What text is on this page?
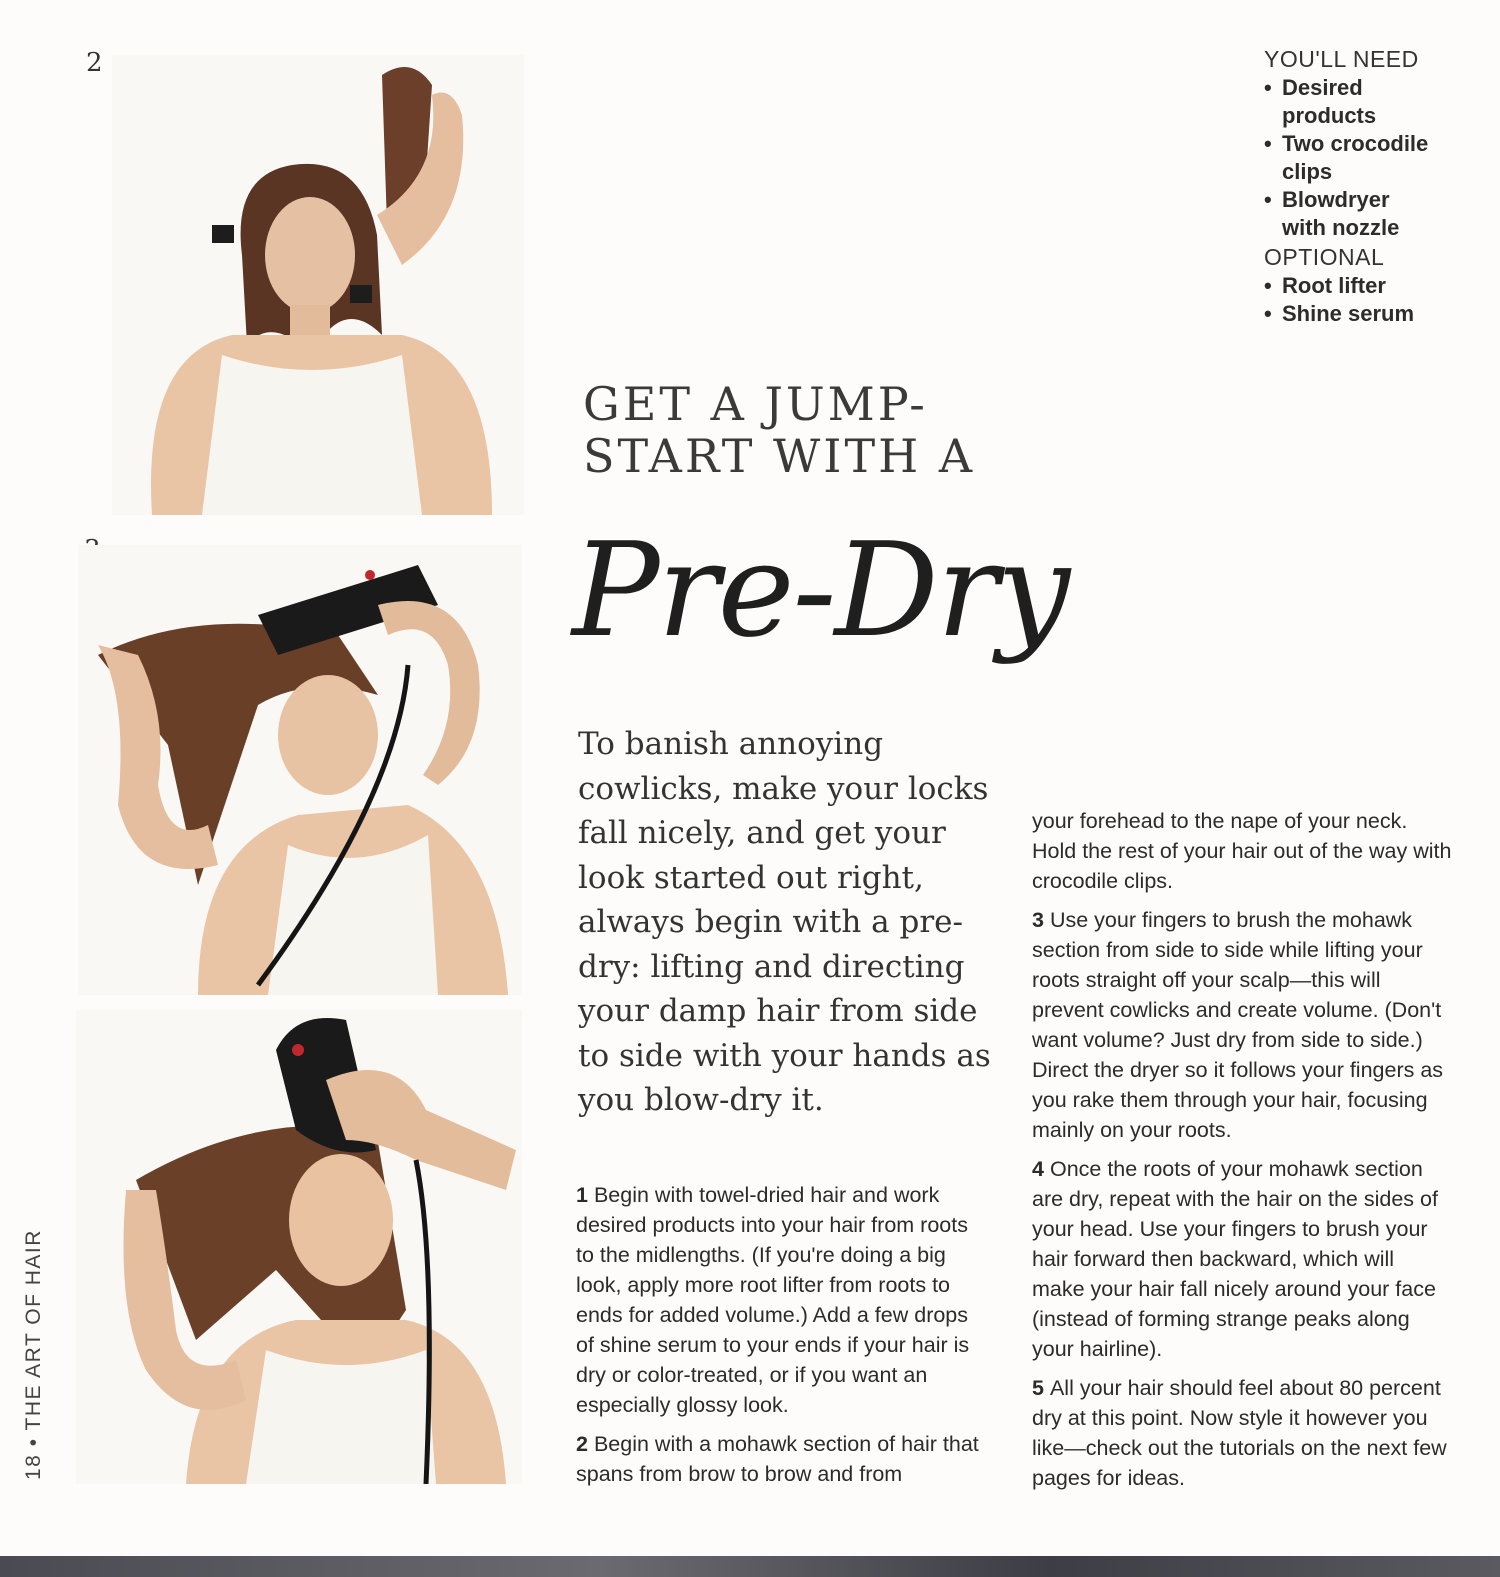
2	YOU'LL NEED
• Desired products
• Two crocodile clips
• Blowdryer with nozzle
OPTIONAL
• Root lifter
• Shine serum
GET A JUMP-
START WITH A
Pre-Dry
To banish annoying cowlicks, make your locks fall nicely, and get your look started out right, always begin with a pre-dry: lifting and directing your damp hair from side to side with your hands as you blow-dry it.

1 Begin with towel-dried hair and work desired products into your hair from roots to the midlengths. (If you're doing a big look, apply more root lifter from roots to ends for added volume.) Add a few drops of shine serum to your ends if your hair is dry or color-treated, or if you want an especially glossy look.

2 Begin with a mohawk section of hair that spans from brow to brow and from

your forehead to the nape of your neck. Hold the rest of your hair out of the way with crocodile clips.

3 Use your fingers to brush the mohawk section from side to side while lifting your roots straight off your scalp—this will prevent cowlicks and create volume. (Don't want volume? Just dry from side to side.) Direct the dryer so it follows your fingers as you rake them through your hair, focusing mainly on your roots.

4 Once the roots of your mohawk section are dry, repeat with the hair on the sides of your head. Use your fingers to brush your hair forward then backward, which will make your hair fall nicely around your face (instead of forming strange peaks along your hairline).

5 All your hair should feel about 80 percent dry at this point. Now style it however you like—check out the tutorials on the next few pages for ideas.

18 • THE ART OF HAIR
